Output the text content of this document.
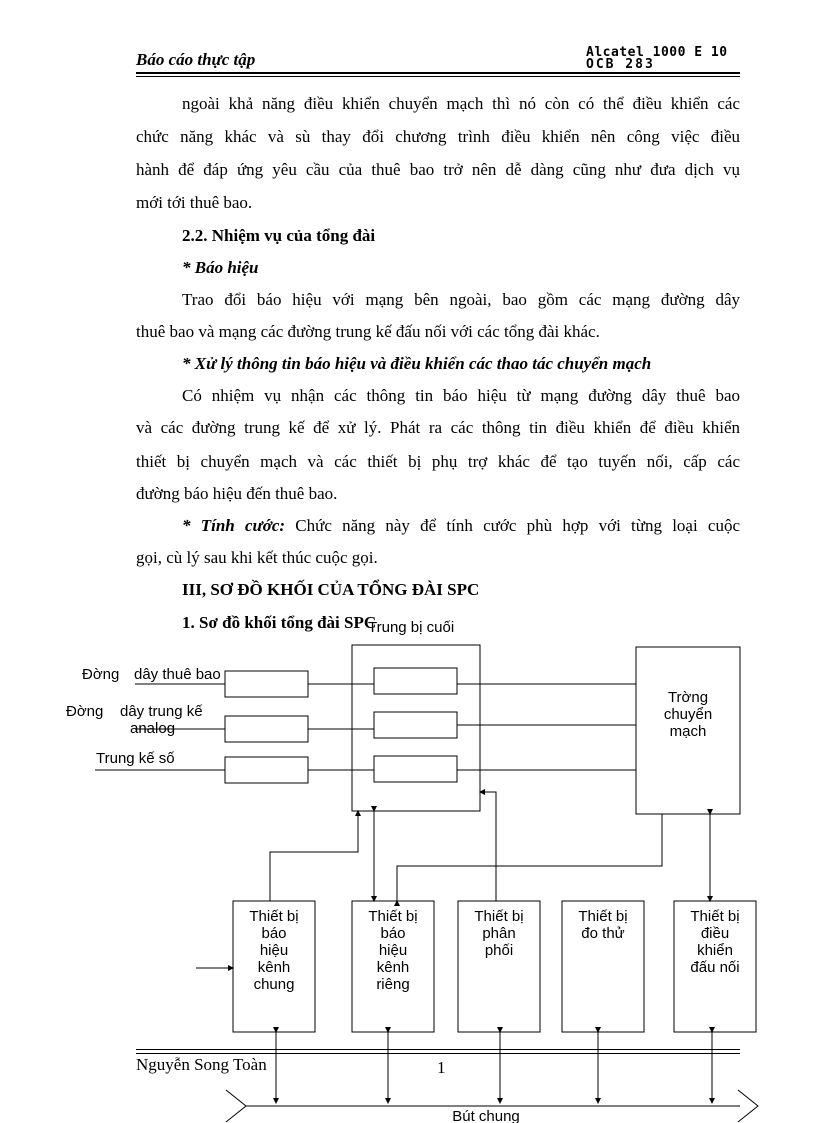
Báo cáo thực tập	Alcatel 1000 E 10
OCB 283
ngoài khả năng điều khiển chuyển mạch thì nó còn có thể điều khiển các
chức năng khác và sù thay đổi chương trình điều khiển nên công việc điều
hành để đáp ứng yêu cầu của thuê bao trở nên dễ dàng cũng như đưa dịch vụ
mới tới thuê bao.
2.2. Nhiệm vụ của tổng đài
* Báo hiệu
Trao đổi báo hiệu với mạng bên ngoài, bao gồm các mạng đường dây
thuê bao và mạng các đường trung kế đấu nối với các tổng đài khác.
* Xử lý thông tin báo hiệu và điều khiển các thao tác chuyển mạch
Có nhiệm vụ nhận các thông tin báo hiệu từ mạng đường dây thuê bao
và các đường trung kế để xử lý. Phát ra các thông tin điều khiển để điều khiển
thiết bị chuyển mạch và các thiết bị phụ trợ khác để tạo tuyến nối, cấp các
đường báo hiệu đến thuê bao.
* Tính cước: Chức năng này để tính cước phù hợp với từng loại cuộc
gọi, cù lý sau khi kết thúc cuộc gọi.
III, SƠ ĐỒ KHỐI CỦA TỔNG ĐÀI SPC
1. Sơ đồ khối tổng đài SPC
Trung bị cuối
Đờng dây thuê bao
Đờng dây trung kế
analog
Trung kế số
Trờng
chuyển
mạch
Thiết bị
báo
hiệu
kênh
chung
Thiết bị
báo
hiệu
kênh
riêng
Thiết bị
phân
phối
Thiết bị
đo thử
Thiết bị
điều
khiển
đấu nối
Bút chung
Nguyễn Song Toàn	1
